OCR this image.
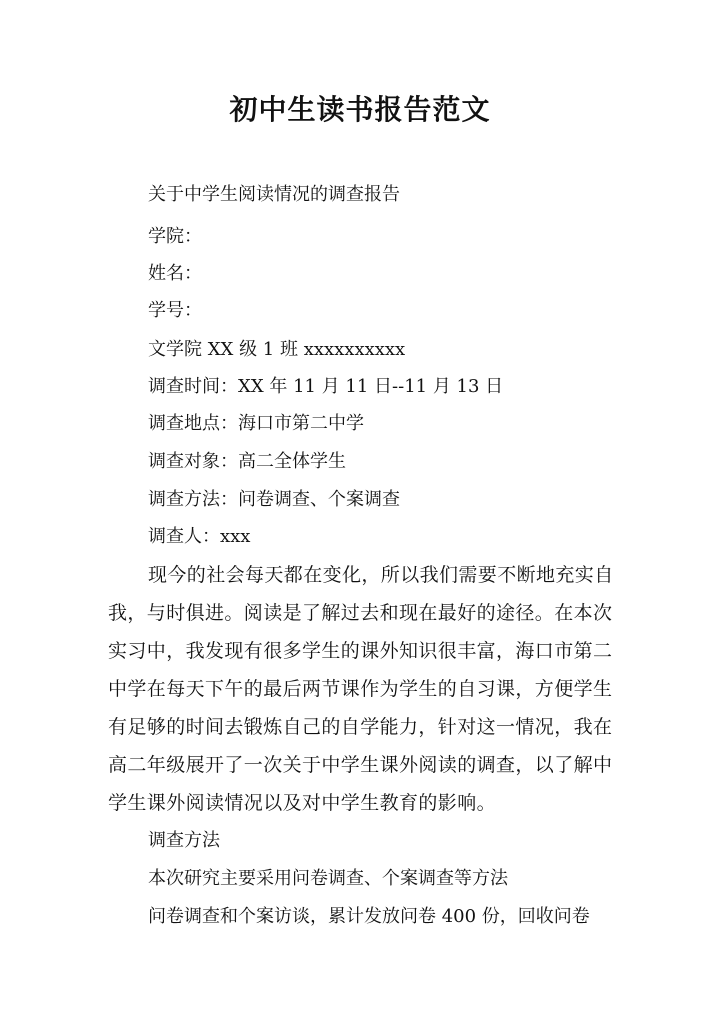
初中生读书报告范文
关于中学生阅读情况的调查报告
学院：
姓名：
学号：
文学院 XX 级 1 班 xxxxxxxxxx
调查时间：XX 年 11 月 11 日--11 月 13 日
调查地点：海口市第二中学
调查对象：高二全体学生
调查方法：问卷调查、个案调查
调查人：xxx
现今的社会每天都在变化，所以我们需要不断地充实自
我，与时俱进。阅读是了解过去和现在最好的途径。在本次
实习中，我发现有很多学生的课外知识很丰富，海口市第二
中学在每天下午的最后两节课作为学生的自习课，方便学生
有足够的时间去锻炼自己的自学能力，针对这一情况，我在
高二年级展开了一次关于中学生课外阅读的调查，以了解中
学生课外阅读情况以及对中学生教育的影响。
调查方法
本次研究主要采用问卷调查、个案调查等方法
问卷调查和个案访谈，累计发放问卷 400 份，回收问卷
